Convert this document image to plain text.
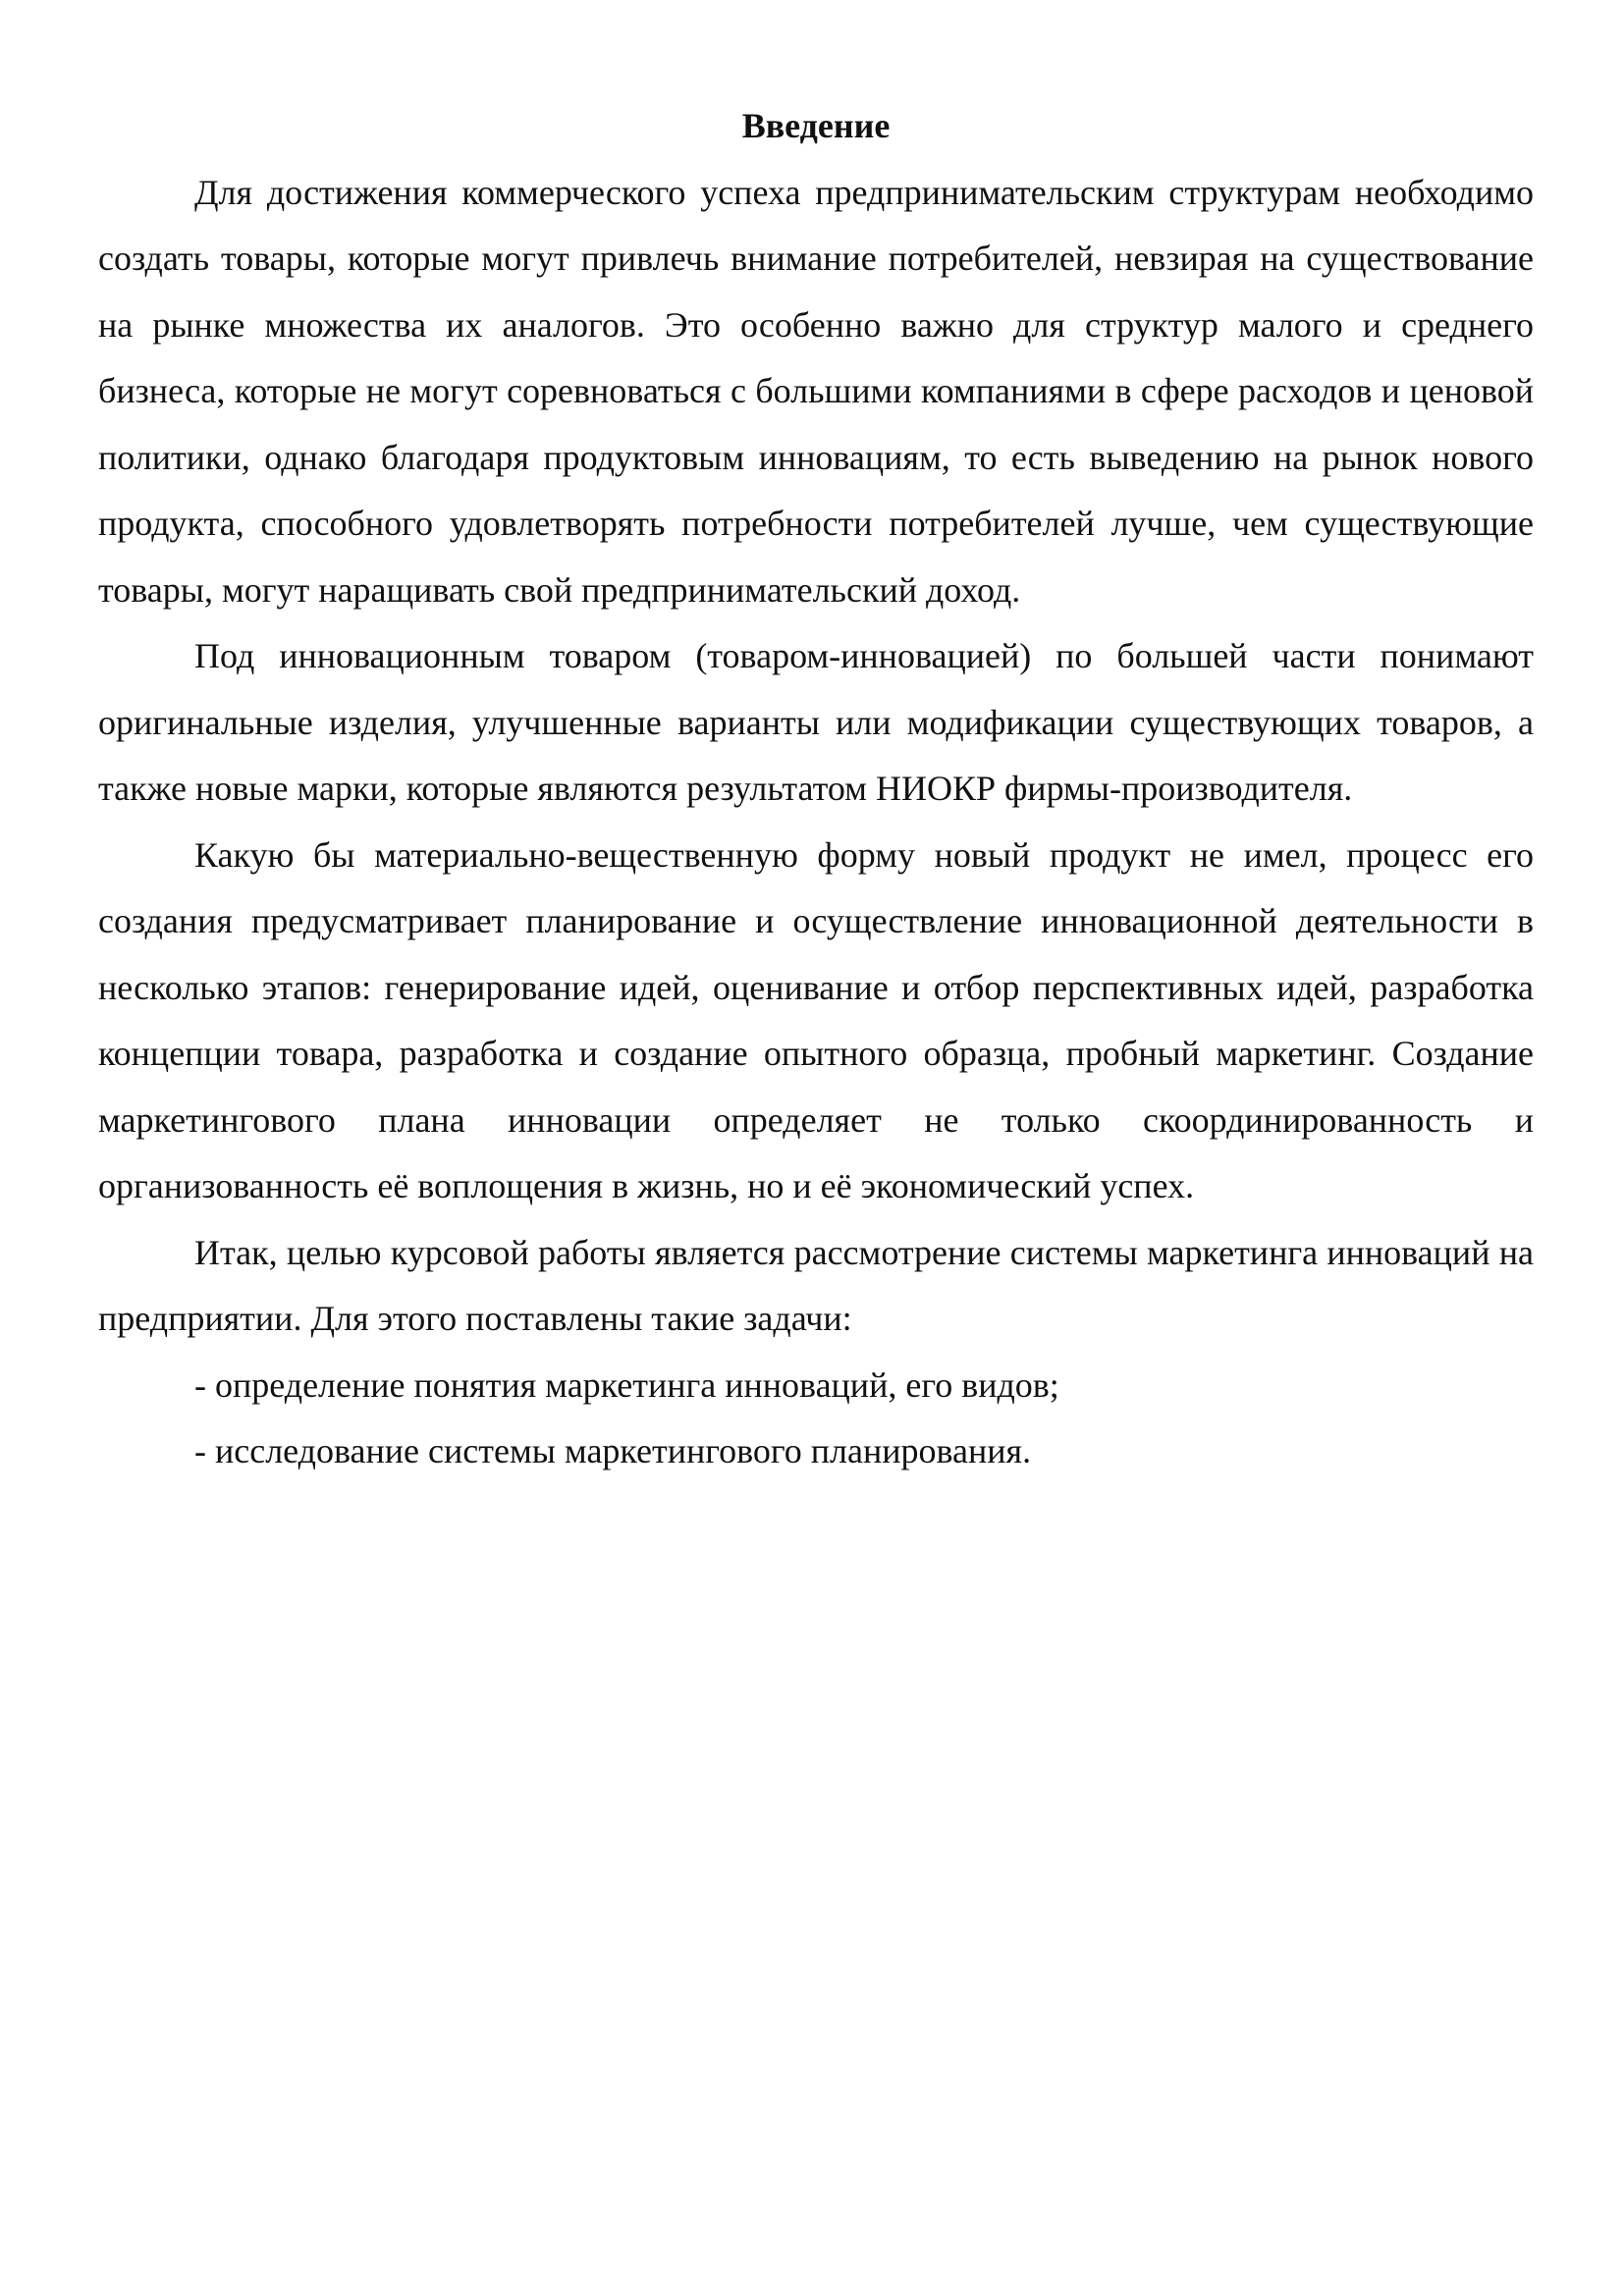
Введение

Для достижения коммерческого успеха предпринимательским структурам необходимо создать товары, которые могут привлечь внимание потребителей, невзирая на существование на рынке множества их аналогов. Это особенно важно для структур малого и среднего бизнеса, которые не могут соревноваться с большими компаниями в сфере расходов и ценовой политики, однако благодаря продуктовым инновациям, то есть выведению на рынок нового продукта, способного удовлетворять потребности потребителей лучше, чем существующие товары, могут наращивать свой предпринимательский доход.

Под инновационным товаром (товаром-инновацией) по большей части понимают оригинальные изделия, улучшенные варианты или модификации существующих товаров, а также новые марки, которые являются результатом НИОКР фирмы-производителя.

Какую бы материально-вещественную форму новый продукт не имел, процесс его создания предусматривает планирование и осуществление инновационной деятельности в несколько этапов: генерирование идей, оценивание и отбор перспективных идей, разработка концепции товара, разработка и создание опытного образца, пробный маркетинг. Создание маркетингового плана инновации определяет не только скоординированность и организованность её воплощения в жизнь, но и её экономический успех.

Итак, целью курсовой работы является рассмотрение системы маркетинга инноваций на предприятии. Для этого поставлены такие задачи:

- определение понятия маркетинга инноваций, его видов;

- исследование системы маркетингового планирования.
